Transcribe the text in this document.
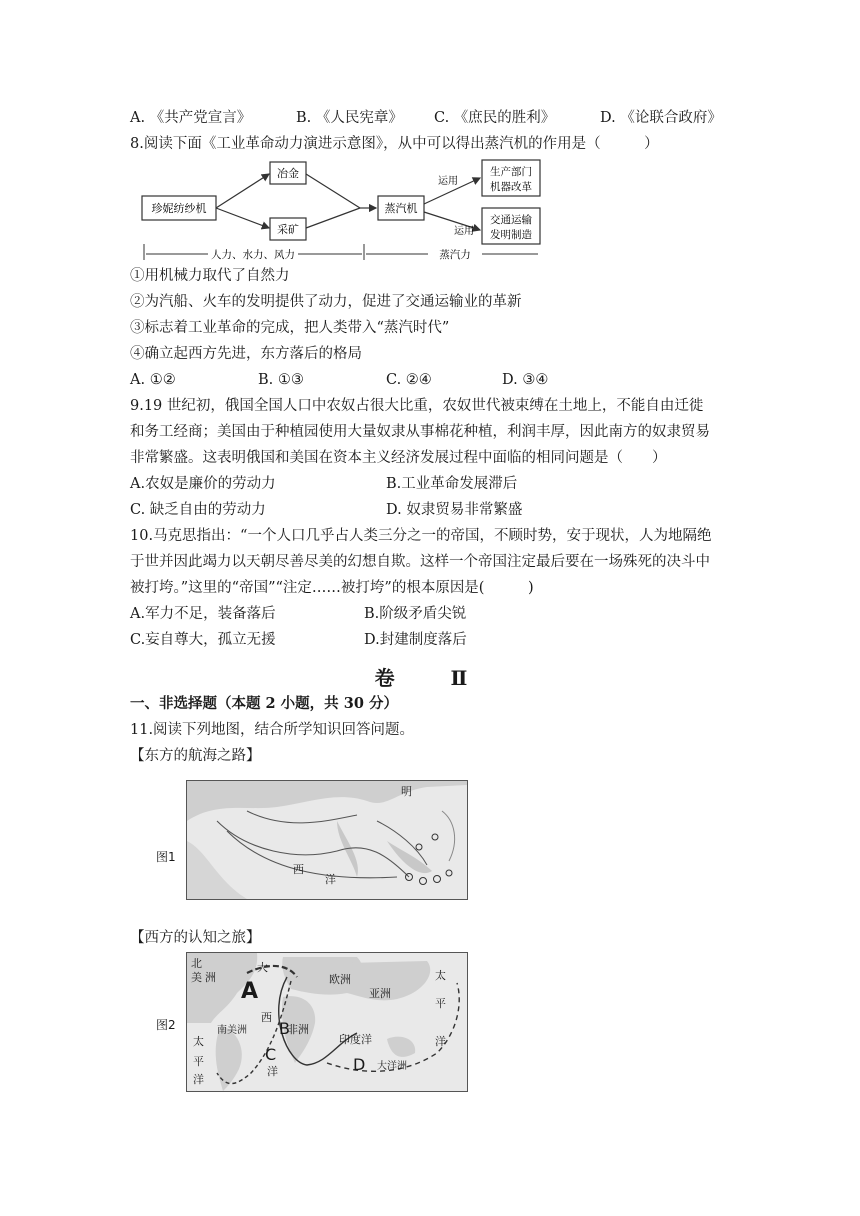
A. 《共产党宣言》	B. 《人民宪章》 C. 《庶民的胜利》	D. 《论联合政府》
8.阅读下面《工业革命动力演进示意图》，从中可以得出蒸汽机的作用是（　　　）
珍妮纺纱机
冶金
采矿
蒸汽机
运用
运用
生产部门
机器改革
交通运输
发明制造
人力、水力、风力	蒸汽力
①用机械力取代了自然力
②为汽船、火车的发明提供了动力，促进了交通运输业的革新
③标志着工业革命的完成，把人类带入“蒸汽时代”
④确立起西方先进，东方落后的格局
A. ①②	B. ①③	C. ②④	D. ③④
9.19 世纪初，俄国全国人口中农奴占很大比重，农奴世代被束缚在土地上，不能自由迁徙
和务工经商；美国由于种植园使用大量奴隶从事棉花种植，利润丰厚，因此南方的奴隶贸易
非常繁盛。这表明俄国和美国在资本主义经济发展过程中面临的相同问题是（　　）
A.农奴是廉价的劳动力	B.工业革命发展滞后
C. 缺乏自由的劳动力	D. 奴隶贸易非常繁盛
10.马克思指出：“一个人口几乎占人类三分之一的帝国，不顾时势，安于现状，人为地隔绝
于世并因此竭力以天朝尽善尽美的幻想自欺。这样一个帝国注定最后要在一场殊死的决斗中
被打垮。”这里的“帝国”“注定……被打垮”的根本原因是(　　　)
A.军力不足，装备落后	B.阶级矛盾尖锐
C.妄自尊大，孤立无援	D.封建制度落后
卷　Ⅱ
一、非选择题（本题 2 小题，共 30 分）
11.阅读下列地图，结合所学知识回答问题。
【东方的航海之路】
图1
明
西
洋
【西方的认知之旅】
图2
北
美 洲
大
欧洲
亚洲
太
平
洋
南美洲	非洲
印度洋
大洋洲
太
平
洋
西
洋
A
B
C
D
